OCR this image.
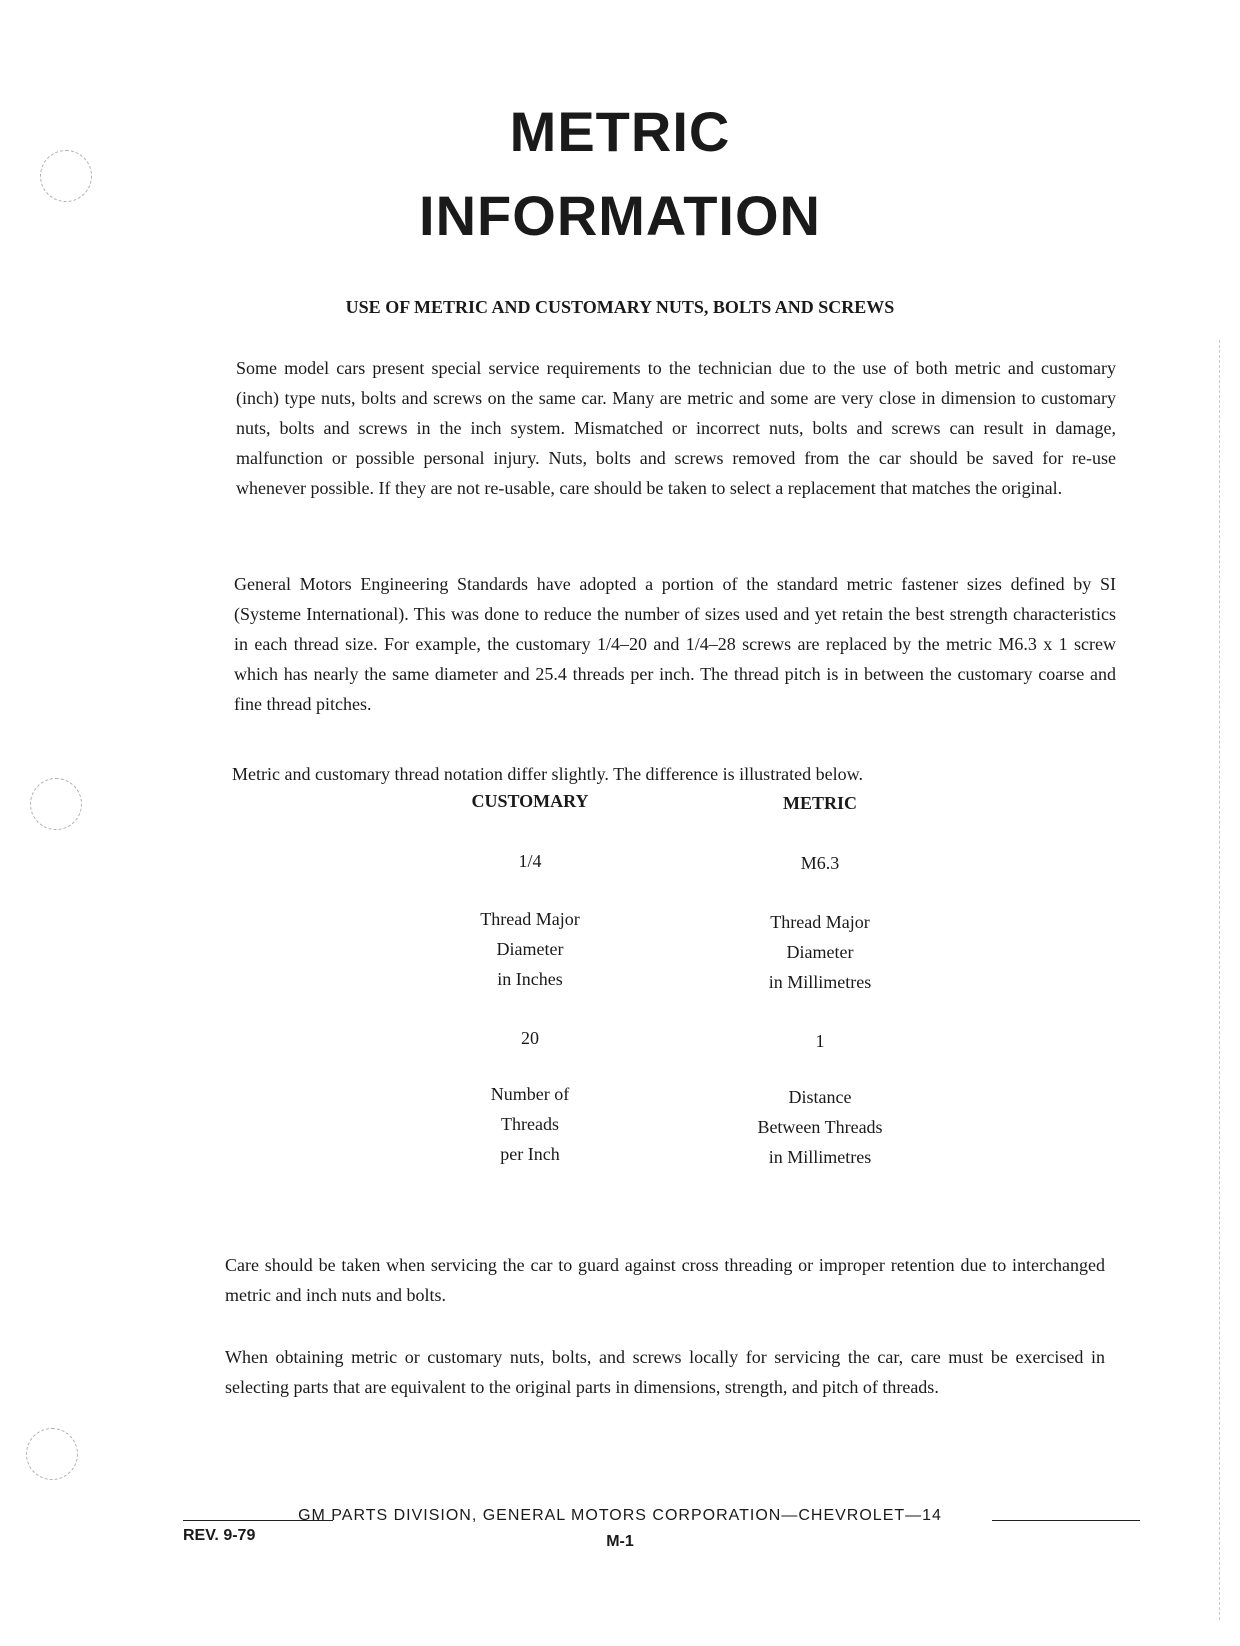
METRIC
INFORMATION
USE OF METRIC AND CUSTOMARY NUTS, BOLTS AND SCREWS

Some model cars present special service requirements to the technician due to the use of both metric and customary (inch) type nuts, bolts and screws on the same car. Many are metric and some are very close in dimension to customary nuts, bolts and screws in the inch system. Mismatched or incorrect nuts, bolts and screws can result in damage, malfunction or possible personal injury. Nuts, bolts and screws removed from the car should be saved for re-use whenever possible. If they are not re-usable, care should be taken to select a replacement that matches the original.

General Motors Engineering Standards have adopted a portion of the standard metric fastener sizes defined by SI (Systeme International). This was done to reduce the number of sizes used and yet retain the best strength characteristics in each thread size. For example, the customary 1/4–20 and 1/4–28 screws are replaced by the metric M6.3 x 1 screw which has nearly the same diameter and 25.4 threads per inch. The thread pitch is in between the customary coarse and fine thread pitches.

Metric and customary thread notation differ slightly. The difference is illustrated below.

CUSTOMARY
1/4
Thread Major
Diameter
in Inches
20
Number of
Threads
per Inch
METRIC
M6.3
Thread Major
Diameter
in Millimetres
1
Distance
Between Threads
in Millimetres

Care should be taken when servicing the car to guard against cross threading or improper retention due to interchanged metric and inch nuts and bolts.

When obtaining metric or customary nuts, bolts, and screws locally for servicing the car, care must be exercised in selecting parts that are equivalent to the original parts in dimensions, strength, and pitch of threads.

GM PARTS DIVISION, GENERAL MOTORS CORPORATION—CHEVROLET—14
REV. 9-79	M-1
